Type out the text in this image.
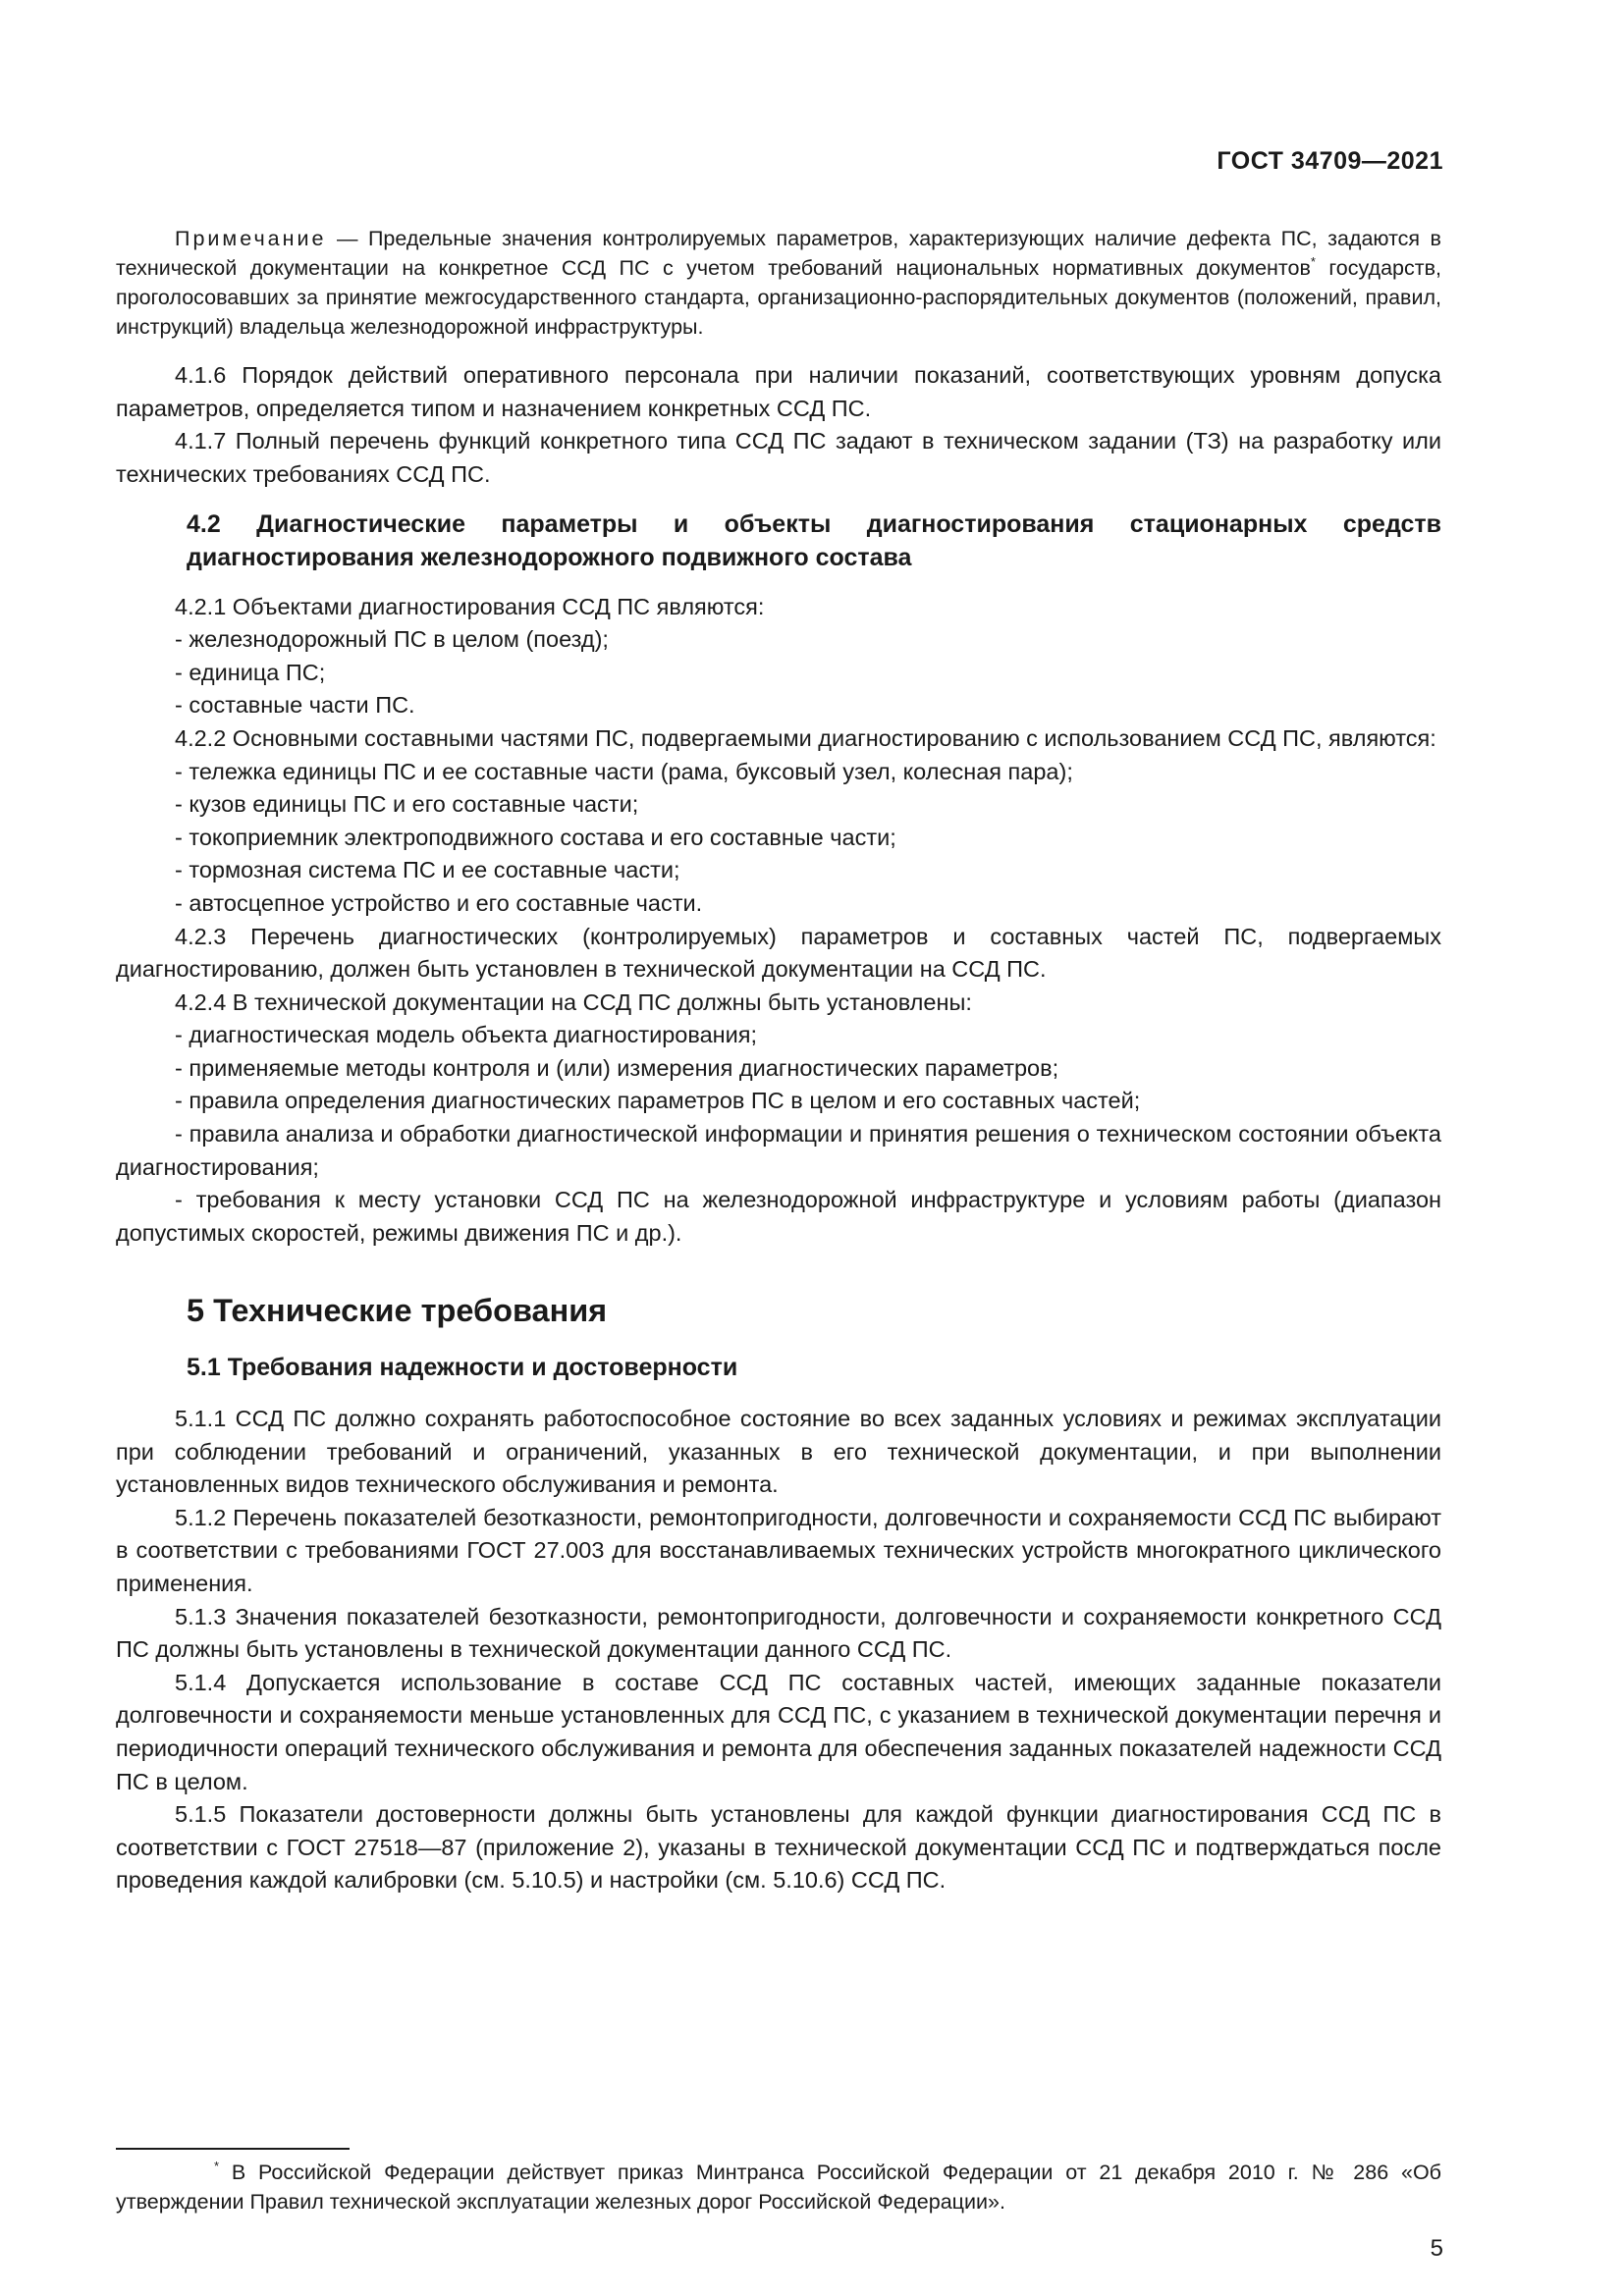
ГОСТ 34709—2021

Примечание — Предельные значения контролируемых параметров, характеризующих наличие дефекта ПС, задаются в технической документации на конкретное ССД ПС с учетом требований национальных нормативных документов* государств, проголосовавших за принятие межгосударственного стандарта, организационно-распорядительных документов (положений, правил, инструкций) владельца железнодорожной инфраструктуры.

4.1.6 Порядок действий оперативного персонала при наличии показаний, соответствующих уровням допуска параметров, определяется типом и назначением конкретных ССД ПС.

4.1.7 Полный перечень функций конкретного типа ССД ПС задают в техническом задании (ТЗ) на разработку или технических требованиях ССД ПС.

4.2 Диагностические параметры и объекты диагностирования стационарных средств диагностирования железнодорожного подвижного состава

4.2.1 Объектами диагностирования ССД ПС являются:

- железнодорожный ПС в целом (поезд);

- единица ПС;

- составные части ПС.

4.2.2 Основными составными частями ПС, подвергаемыми диагностированию с использованием ССД ПС, являются:

- тележка единицы ПС и ее составные части (рама, буксовый узел, колесная пара);

- кузов единицы ПС и его составные части;

- токоприемник электроподвижного состава и его составные части;

- тормозная система ПС и ее составные части;

- автосцепное устройство и его составные части.

4.2.3 Перечень диагностических (контролируемых) параметров и составных частей ПС, подвергаемых диагностированию, должен быть установлен в технической документации на ССД ПС.

4.2.4 В технической документации на ССД ПС должны быть установлены:

- диагностическая модель объекта диагностирования;

- применяемые методы контроля и (или) измерения диагностических параметров;

- правила определения диагностических параметров ПС в целом и его составных частей;

- правила анализа и обработки диагностической информации и принятия решения о техническом состоянии объекта диагностирования;

- требования к месту установки ССД ПС на железнодорожной инфраструктуре и условиям работы (диапазон допустимых скоростей, режимы движения ПС и др.).

5 Технические требования

5.1 Требования надежности и достоверности

5.1.1 ССД ПС должно сохранять работоспособное состояние во всех заданных условиях и режимах эксплуатации при соблюдении требований и ограничений, указанных в его технической документации, и при выполнении установленных видов технического обслуживания и ремонта.

5.1.2 Перечень показателей безотказности, ремонтопригодности, долговечности и сохраняемости ССД ПС выбирают в соответствии с требованиями ГОСТ 27.003 для восстанавливаемых технических устройств многократного циклического применения.

5.1.3 Значения показателей безотказности, ремонтопригодности, долговечности и сохраняемости конкретного ССД ПС должны быть установлены в технической документации данного ССД ПС.

5.1.4 Допускается использование в составе ССД ПС составных частей, имеющих заданные показатели долговечности и сохраняемости меньше установленных для ССД ПС, с указанием в технической документации перечня и периодичности операций технического обслуживания и ремонта для обеспечения заданных показателей надежности ССД ПС в целом.

5.1.5 Показатели достоверности должны быть установлены для каждой функции диагностирования ССД ПС в соответствии с ГОСТ 27518—87 (приложение 2), указаны в технической документации ССД ПС и подтверждаться после проведения каждой калибровки (см. 5.10.5) и настройки (см. 5.10.6) ССД ПС.

* В Российской Федерации действует приказ Минтранса Российской Федерации от 21 декабря 2010 г. № 286 «Об утверждении Правил технической эксплуатации железных дорог Российской Федерации».

5
